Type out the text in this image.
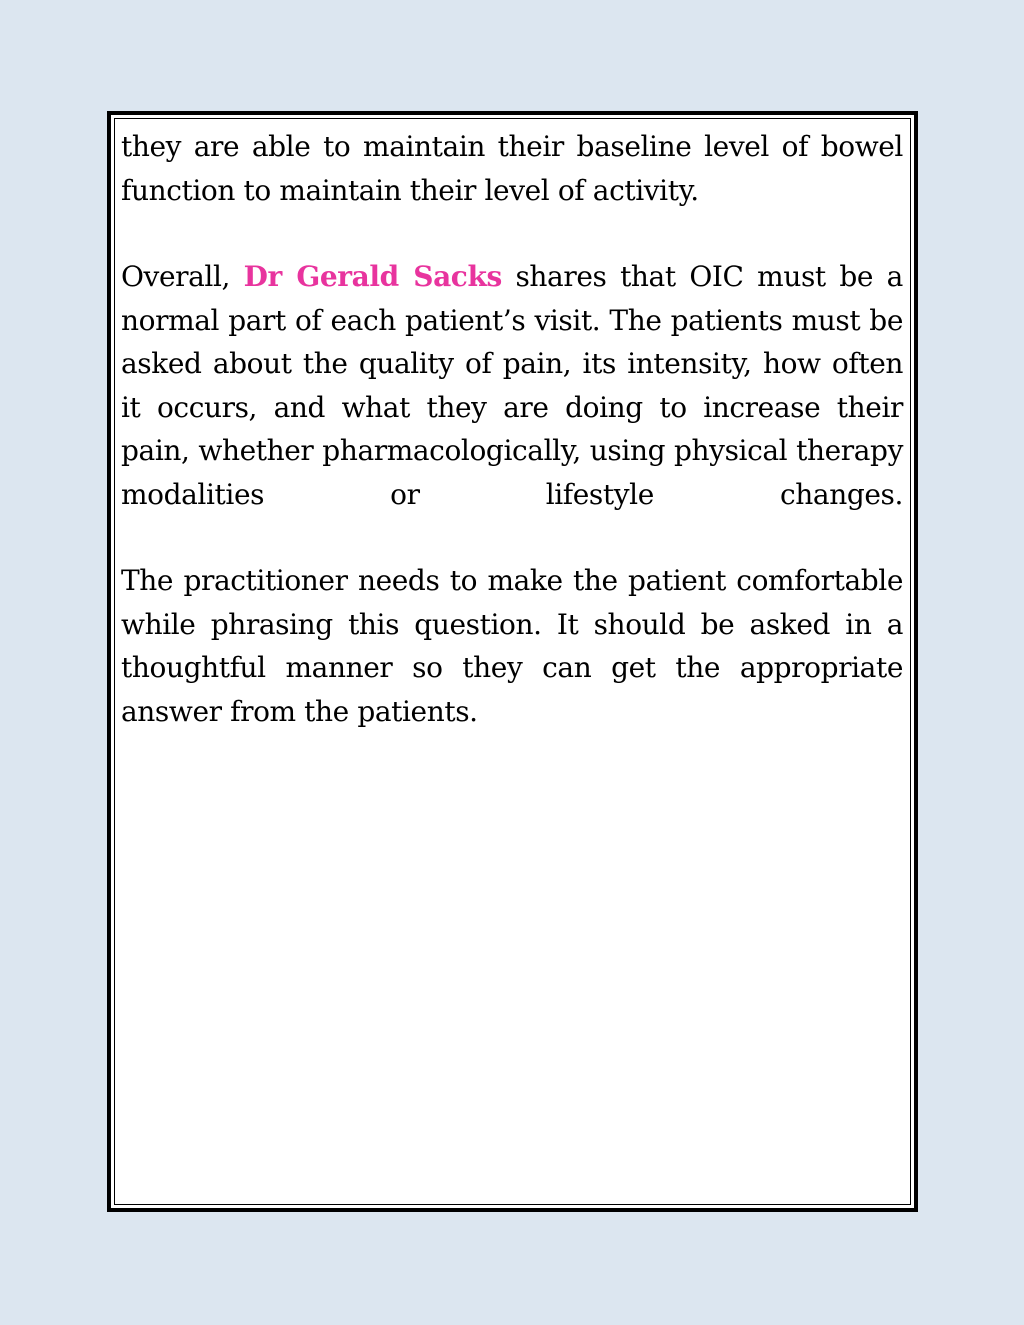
they are able to maintain their baseline level of bowel function to maintain their level of activity.

Overall, Dr Gerald Sacks shares that OIC must be a normal part of each patient’s visit. The patients must be asked about the quality of pain, its intensity, how often it occurs, and what they are doing to increase their pain, whether pharmacologically, using physical therapy modalities or lifestyle changes.

The practitioner needs to make the patient comfortable while phrasing this question. It should be asked in a thoughtful manner so they can get the appropriate answer from the patients.
